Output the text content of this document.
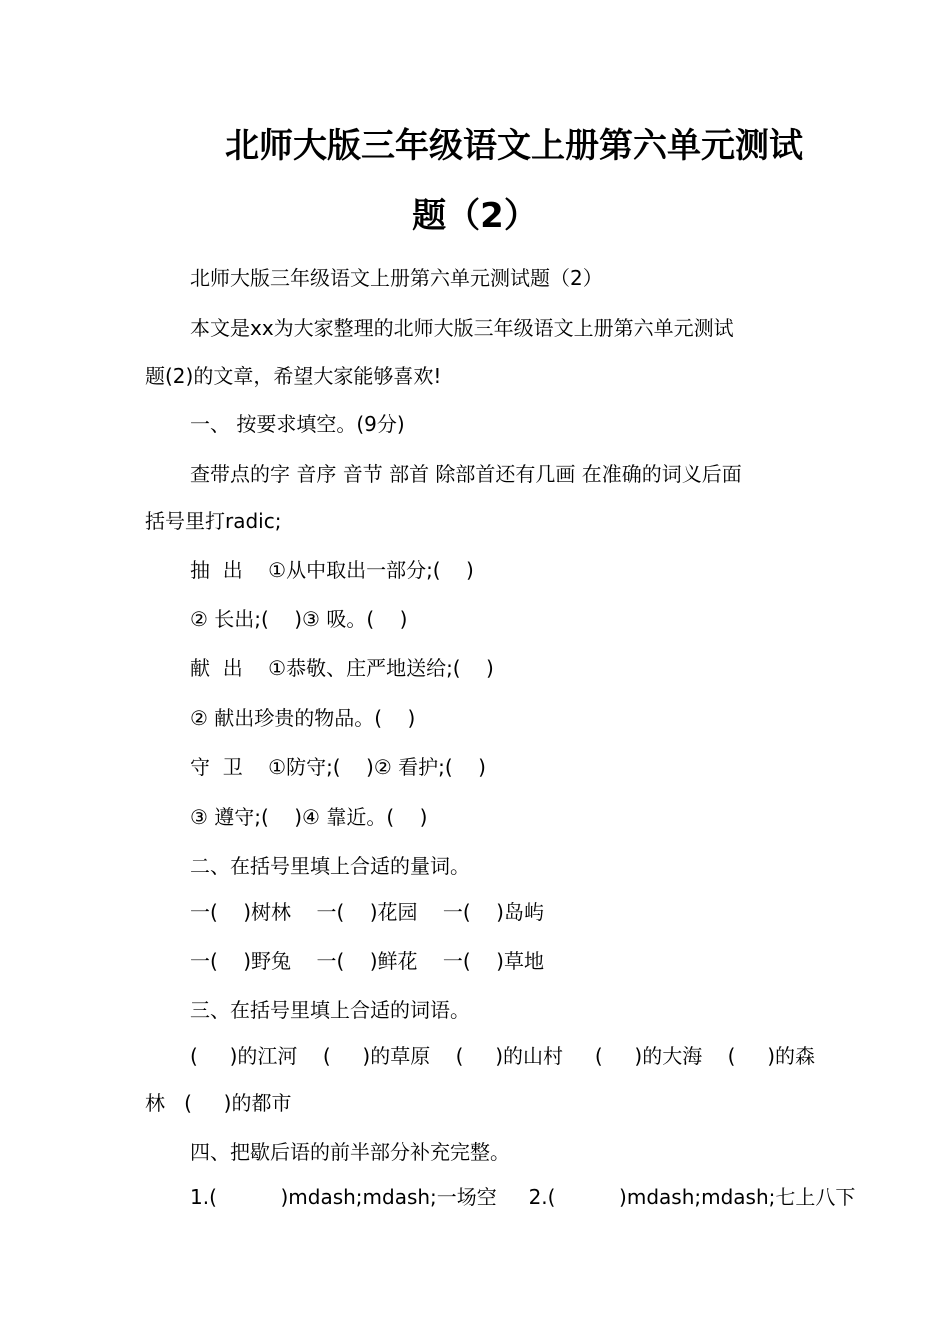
北师大版三年级语文上册第六单元测试
题（2）
北师大版三年级语文上册第六单元测试题（2）
本文是xx为大家整理的北师大版三年级语文上册第六单元测试
题(2)的文章，希望大家能够喜欢!
一、 按要求填空。(9分)
查带点的字 音序 音节 部首 除部首还有几画 在准确的词义后面
括号里打radic;
抽  出    ①从中取出一部分;(    )
② 长出;(    )③ 吸。(    )
献  出    ①恭敬、庄严地送给;(    )
② 献出珍贵的物品。(    )
守  卫    ①防守;(    )② 看护;(    )
③ 遵守;(    )④ 靠近。(    )
二、在括号里填上合适的量词。
一(    )树林    一(    )花园    一(    )岛屿
一(    )野兔    一(    )鲜花    一(    )草地
三、在括号里填上合适的词语。
(     )的江河    (     )的草原    (     )的山村     (     )的大海    (     )的森
林   (     )的都市
四、把歇后语的前半部分补充完整。
1.(          )mdash;mdash;一场空     2.(          )mdash;mdash;七上八下
